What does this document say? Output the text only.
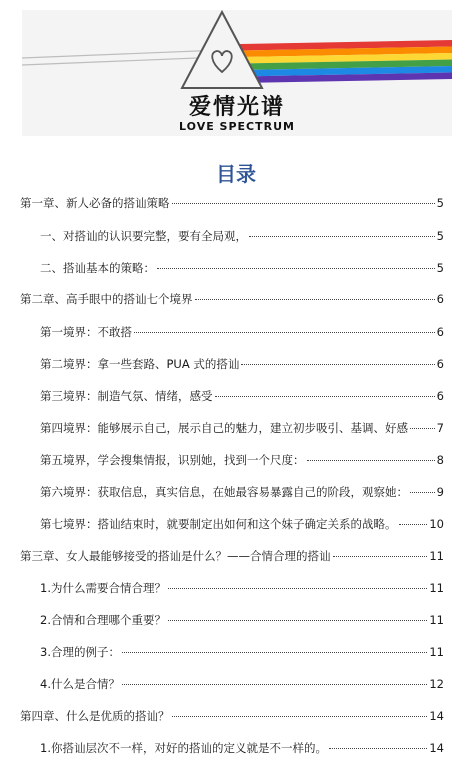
爱情光谱
LOVE SPECTRUM
目录
第一章、新人必备的搭讪策略	5
一、对搭讪的认识要完整，要有全局观，	5
二、搭讪基本的策略：	5
第二章、高手眼中的搭讪七个境界	6
第一境界：不敢搭	6
第二境界：拿一些套路、PUA 式的搭讪	6
第三境界：制造气氛、情绪，感受	6
第四境界：能够展示自己，展示自己的魅力，建立初步吸引、基调、好感 7
第五境界，学会搜集情报，识别她，找到一个尺度：	8
第六境界：获取信息，真实信息，在她最容易暴露自己的阶段，观察她： 9
第七境界：搭讪结束时，就要制定出如何和这个妹子确定关系的战略。	10
第三章、女人最能够接受的搭讪是什么？——合情合理的搭讪	11
1.为什么需要合情合理？	11
2.合情和合理哪个重要？	11
3.合理的例子：	11
4.什么是合情？	12
第四章、什么是优质的搭讪？	14
1.你搭讪层次不一样，对好的搭讪的定义就是不一样的。	14
